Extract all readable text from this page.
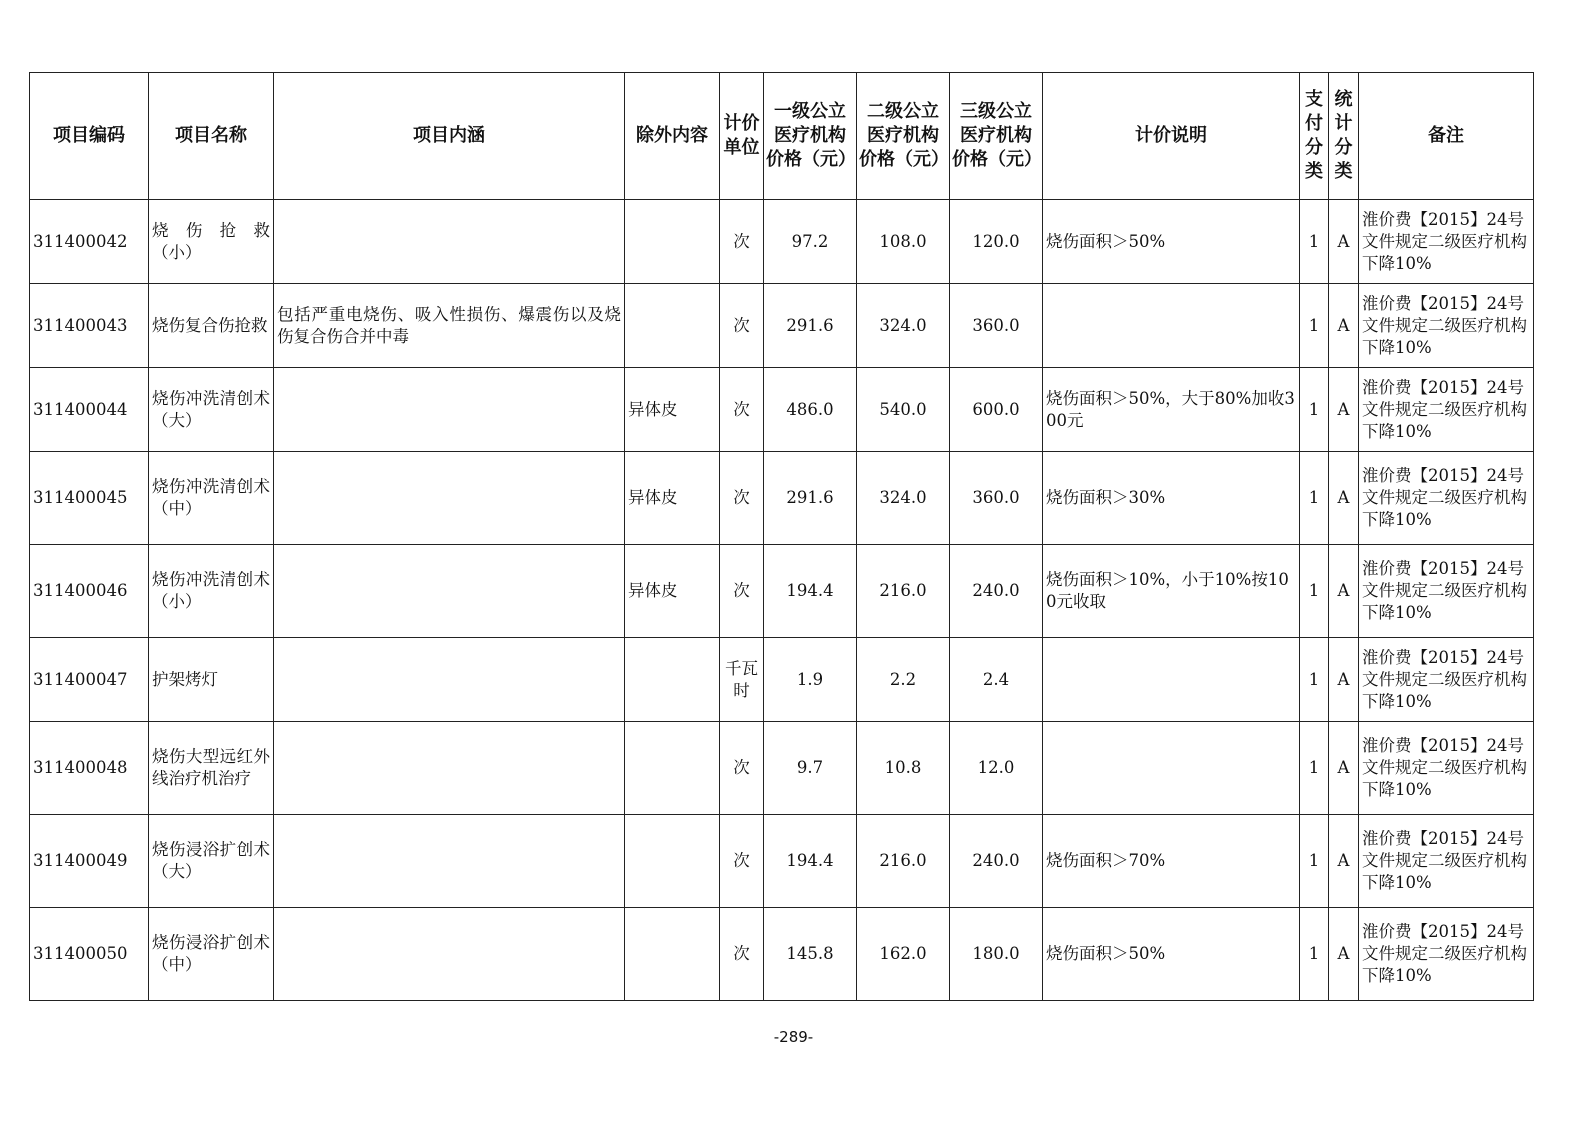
项目编码	项目名称	项目内涵	除外内容	计价单位	一级公立医疗机构价格（元）	二级公立医疗机构价格（元）	三级公立医疗机构价格（元）	计价说明	支付分类	统计分类	备注
311400042	烧 伤 抢 救（小）			次	97.2	108.0	120.0	烧伤面积＞50%	1	A	淮价费【2015】24号文件规定二级医疗机构下降10%
311400043	烧伤复合伤抢救	包括严重电烧伤、吸入性损伤、爆震伤以及烧伤复合伤合并中毒		次	291.6	324.0	360.0		1	A	淮价费【2015】24号文件规定二级医疗机构下降10%
311400044	烧伤冲洗清创术（大）		异体皮	次	486.0	540.0	600.0	烧伤面积＞50%，大于80%加收300元	1	A	淮价费【2015】24号文件规定二级医疗机构下降10%
311400045	烧伤冲洗清创术（中）		异体皮	次	291.6	324.0	360.0	烧伤面积＞30%	1	A	淮价费【2015】24号文件规定二级医疗机构下降10%
311400046	烧伤冲洗清创术（小）		异体皮	次	194.4	216.0	240.0	烧伤面积＞10%，小于10%按100元收取	1	A	淮价费【2015】24号文件规定二级医疗机构下降10%
311400047	护架烤灯			千瓦时	1.9	2.2	2.4		1	A	淮价费【2015】24号文件规定二级医疗机构下降10%
311400048	烧伤大型远红外线治疗机治疗			次	9.7	10.8	12.0		1	A	淮价费【2015】24号文件规定二级医疗机构下降10%
311400049	烧伤浸浴扩创术（大）			次	194.4	216.0	240.0	烧伤面积＞70%	1	A	淮价费【2015】24号文件规定二级医疗机构下降10%
311400050	烧伤浸浴扩创术（中）			次	145.8	162.0	180.0	烧伤面积＞50%	1	A	淮价费【2015】24号文件规定二级医疗机构下降10%
-289-
